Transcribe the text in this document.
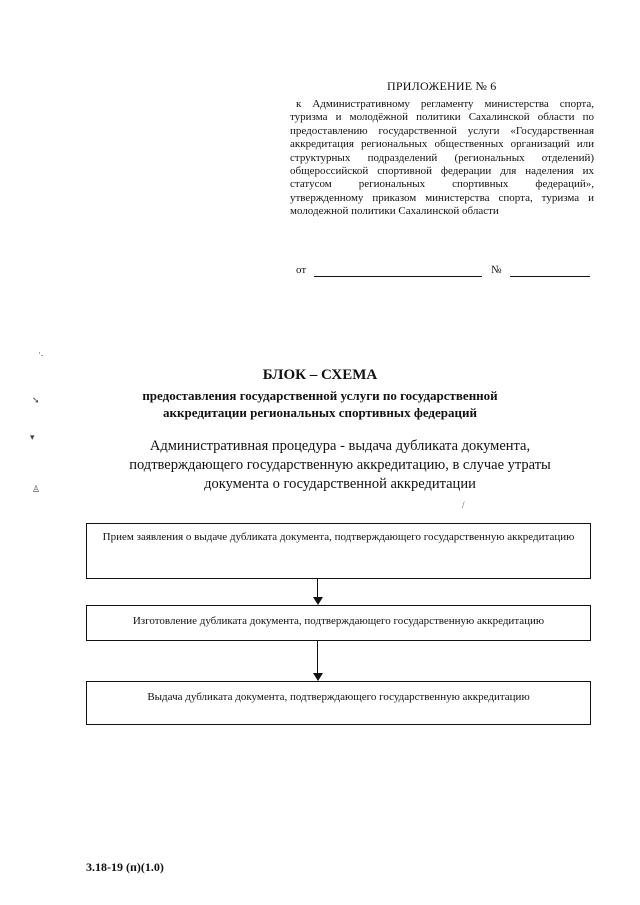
ПРИЛОЖЕНИЕ № 6
к Административному регламенту министерства спорта, туризма и молодёжной политики Сахалинской области по предоставлению государственной услуги «Государственная аккредитация региональных общественных организаций или структурных подразделений (региональных отделений) общероссийской спортивной федерации для наделения их статусом региональных спортивных федераций», утвержденному приказом министерства спорта, туризма и молодежной политики Сахалинской области
от	№
·.
➘
▾
♙
/
БЛОК – СХЕМА
предоставления государственной услуги по государственной
аккредитации региональных спортивных федераций
Административная процедура - выдача дубликата документа,
подтверждающего государственную аккредитацию, в случае утраты
документа о государственной аккредитации
Прием заявления о выдаче дубликата документа, подтверждающего государственную аккредитацию
Изготовление дубликата документа, подтверждающего государственную аккредитацию
Выдача дубликата документа, подтверждающего государственную аккредитацию
3.18-19 (п)(1.0)
